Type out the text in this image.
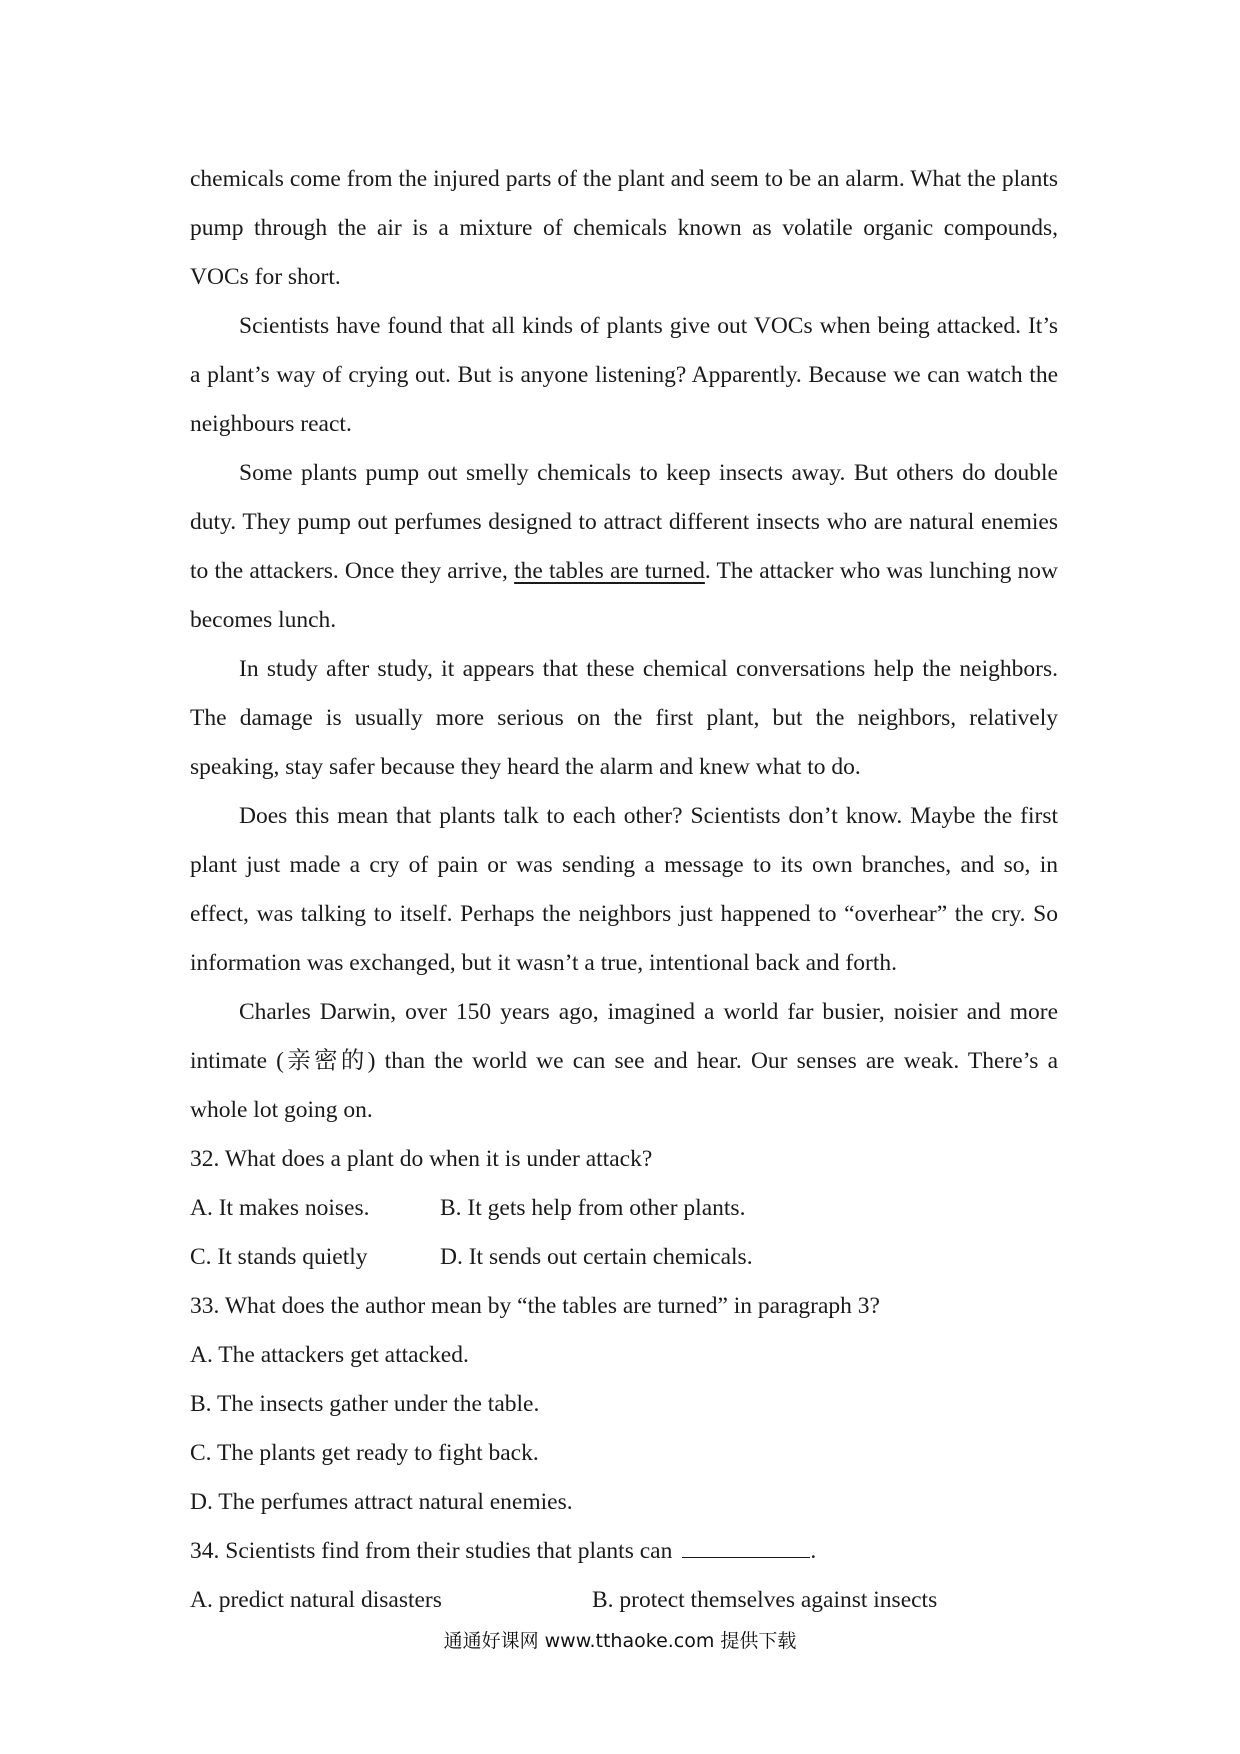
chemicals come from the injured parts of the plant and seem to be an alarm. What the plants pump through the air is a mixture of chemicals known as volatile organic compounds, VOCs for short.

Scientists have found that all kinds of plants give out VOCs when being attacked. It’s a plant’s way of crying out. But is anyone listening? Apparently. Because we can watch the neighbours react.

Some plants pump out smelly chemicals to keep insects away. But others do double duty. They pump out perfumes designed to attract different insects who are natural enemies to the attackers. Once they arrive, the tables are turned. The attacker who was lunching now becomes lunch.

In study after study, it appears that these chemical conversations help the neighbors. The damage is usually more serious on the first plant, but the neighbors, relatively speaking, stay safer because they heard the alarm and knew what to do.

Does this mean that plants talk to each other? Scientists don’t know. Maybe the first plant just made a cry of pain or was sending a message to its own branches, and so, in effect, was talking to itself. Perhaps the neighbors just happened to “overhear” the cry. So information was exchanged, but it wasn’t a true, intentional back and forth.

Charles Darwin, over 150 years ago, imagined a world far busier, noisier and more intimate (亲密的) than the world we can see and hear. Our senses are weak. There’s a whole lot going on.

32. What does a plant do when it is under attack?

A. It makes noises.	B. It gets help from other plants.
C. It stands quietly	D. It sends out certain chemicals.

33. What does the author mean by “the tables are turned” in paragraph 3?

A. The attackers get attacked.

B. The insects gather under the table.

C. The plants get ready to fight back.

D. The perfumes attract natural enemies.

34. Scientists find from their studies that plants can	.

A. predict natural disasters	B. protect themselves against insects
通通好课网 www.tthaoke.com 提供下载
